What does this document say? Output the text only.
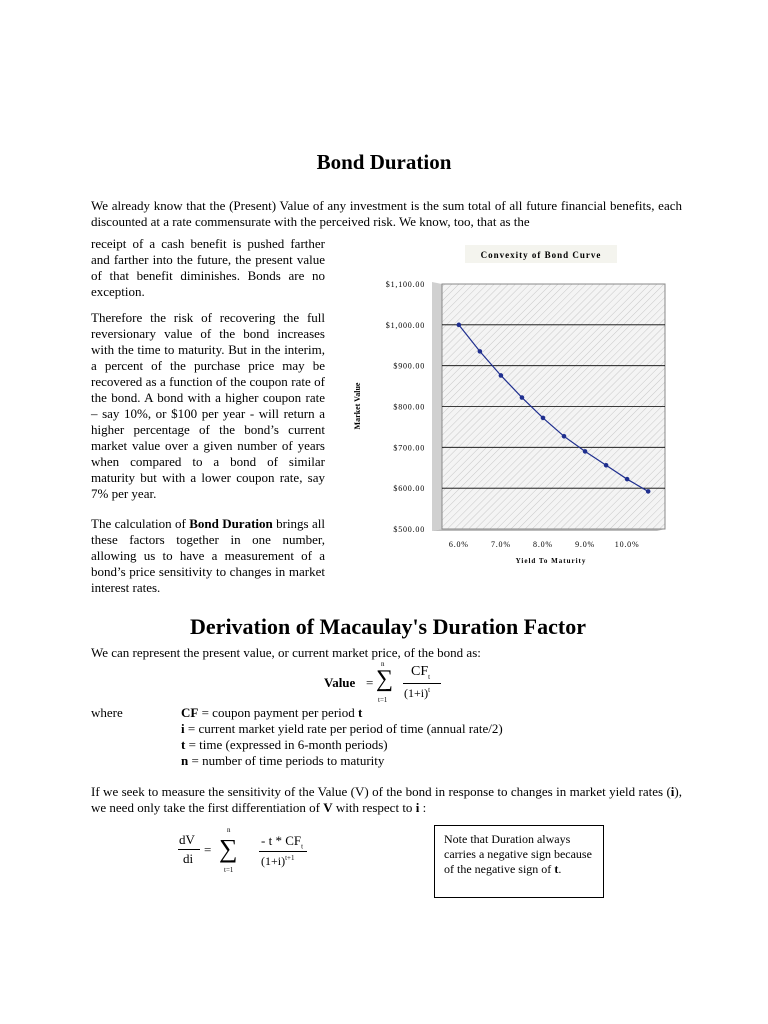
Bond Duration
We already know that the (Present) Value of any investment is the sum total of all future financial benefits, each discounted at a rate commensurate with the perceived risk. We know, too, that as the
receipt of a cash benefit is pushed farther and farther into the future, the present value of that benefit diminishes. Bonds are no exception.
Therefore the risk of recovering the full reversionary value of the bond increases with the time to maturity. But in the interim, a percent of the purchase price may be recovered as a function of the coupon rate of the bond. A bond with a higher coupon rate – say 10%, or $100 per year - will return a higher percentage of the bond’s current market value over a given number of years when compared to a bond of similar maturity but with a lower coupon rate, say 7% per year.
The calculation of Bond Duration brings all these factors together in one number, allowing us to have a measurement of a bond’s price sensitivity to changes in market interest rates.
Convexity of Bond Curve
$500.00
$600.00
$700.00
$800.00
$900.00
$1,000.00
$1,100.00
6.0%	7.0%	8.0%	9.0% 10.0%
Market Value
Yield To Maturity
Derivation of Macaulay's Duration Factor
We can represent the present value, or current market price, of the bond as:
Value = ∑
n
t=1
$CF_t$
$(1+i)^t$
where	CF = coupon payment per period t
i = current market yield rate per period of time (annual rate/2)
t = time (expressed in 6-month periods)
n = number of time periods to maturity
If we seek to measure the sensitivity of the Value (V) of the bond in response to changes in market yield rates (i), we need only take the first differentiation of V with respect to i :
dV
di
= ∑
n
t=1
- t * $CF_t$
$(1+i)^{t+1}$
Note that Duration always carries a negative sign because of the negative sign of t.
